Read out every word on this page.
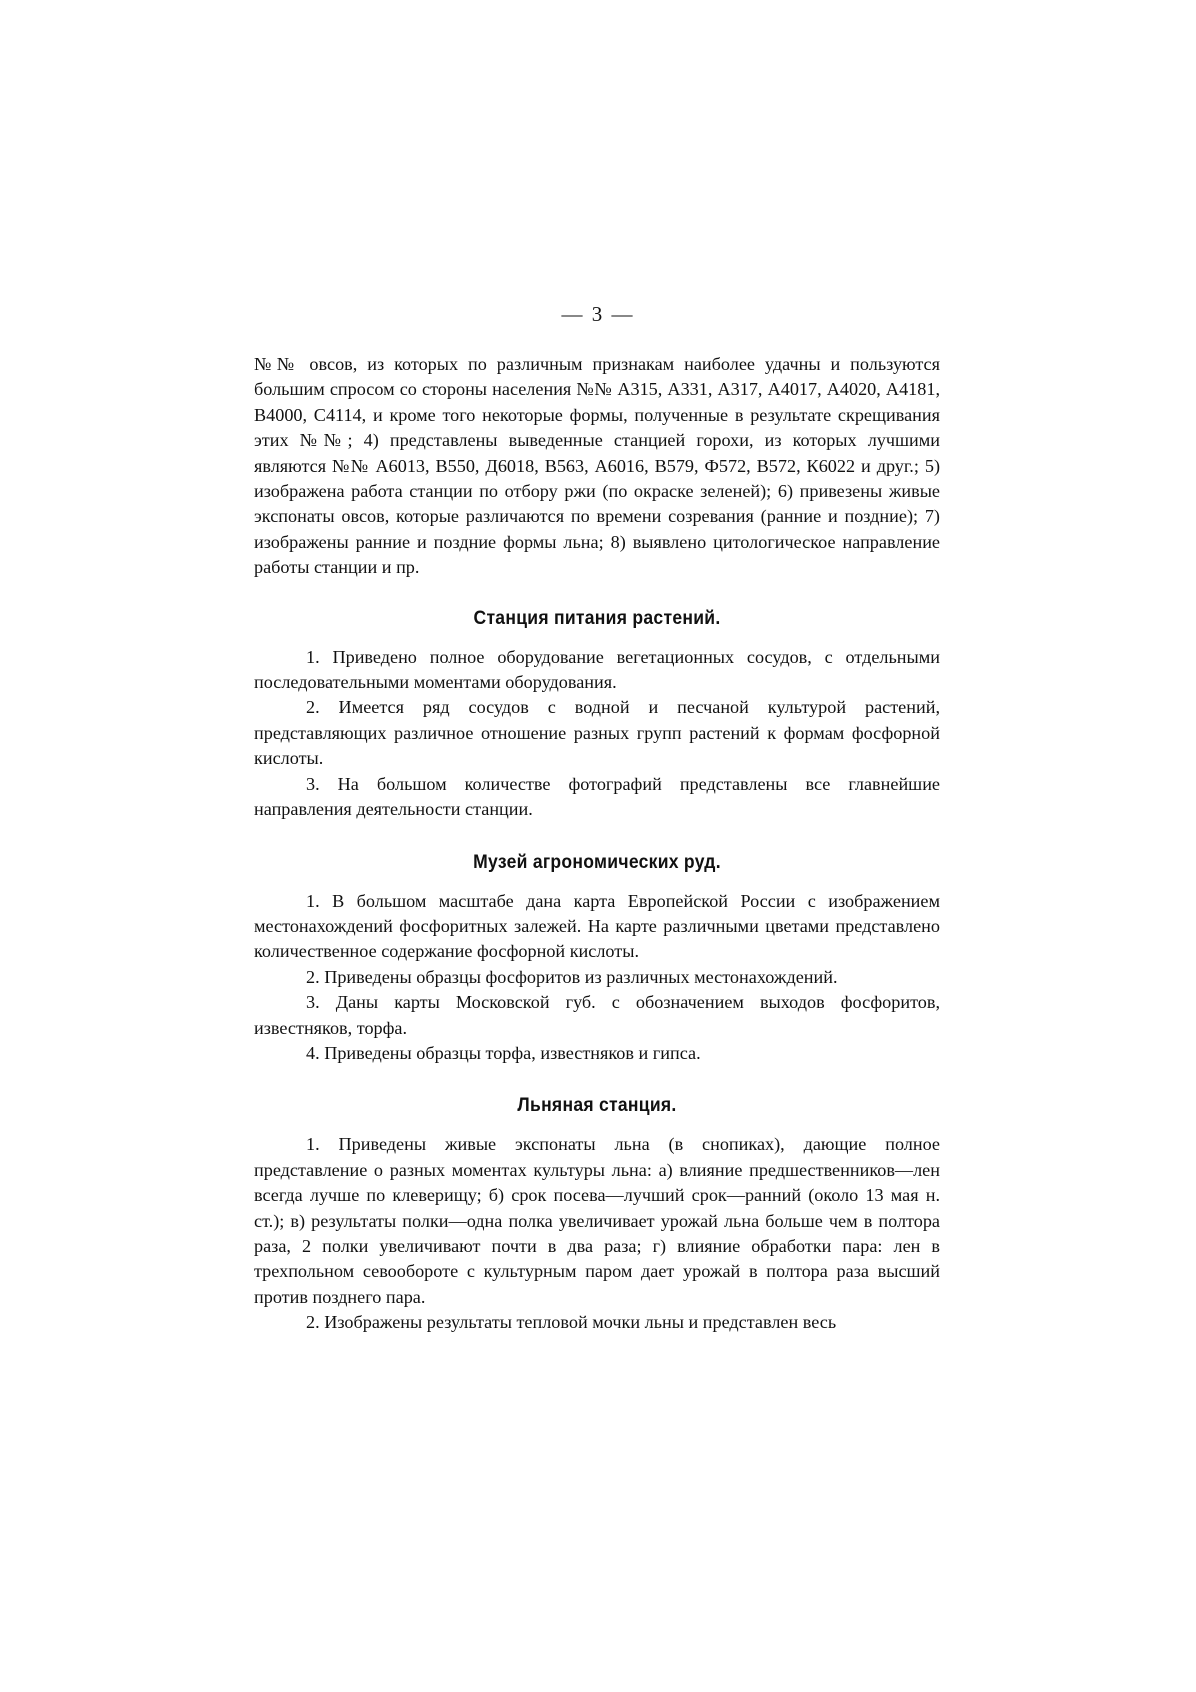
— 3 —

№№ овсов, из которых по различным признакам наиболее удачны и пользуются большим спросом со стороны населения №№ А315, А331, А317, А4017, А4020, А4181, В4000, С4114, и кроме того некоторые формы, полученные в результате скрещивания этих №№; 4) представлены выведенные станцией горохи, из которых лучшими являются №№ А6013, В550, Д6018, В563, А6016, В579, Ф572, В572, К6022 и друг.; 5) изображена работа станции по отбору ржи (по окраске зеленей); 6) привезены живые экспонаты овсов, которые различаются по времени созревания (ранние и поздние); 7) изображены ранние и поздние формы льна; 8) выявлено цитологическое направление работы станции и пр.

Станция питания растений.

1. Приведено полное оборудование вегетационных сосудов, с отдельными последовательными моментами оборудования.

2. Имеется ряд сосудов с водной и песчаной культурой растений, представляющих различное отношение разных групп растений к формам фосфорной кислоты.

3. На большом количестве фотографий представлены все главнейшие направления деятельности станции.

Музей агрономических руд.

1. В большом масштабе дана карта Европейской России с изображением местонахождений фосфоритных залежей. На карте различными цветами представлено количественное содержание фосфорной кислоты.

2. Приведены образцы фосфоритов из различных местонахождений.

3. Даны карты Московской губ. с обозначением выходов фосфоритов, известняков, торфа.

4. Приведены образцы торфа, известняков и гипса.

Льняная станция.

1. Приведены живые экспонаты льна (в снопиках), дающие полное представление о разных моментах культуры льна: а) влияние предшественников—лен всегда лучше по клеверищу; б) срок посева—лучший срок—ранний (около 13 мая н. ст.); в) результаты полки—одна полка увеличивает урожай льна больше чем в полтора раза, 2 полки увеличивают почти в два раза; г) влияние обработки пара: лен в трехпольном севообороте с культурным паром дает урожай в полтора раза высший против позднего пара.

2. Изображены результаты тепловой мочки льны и представлен весь
